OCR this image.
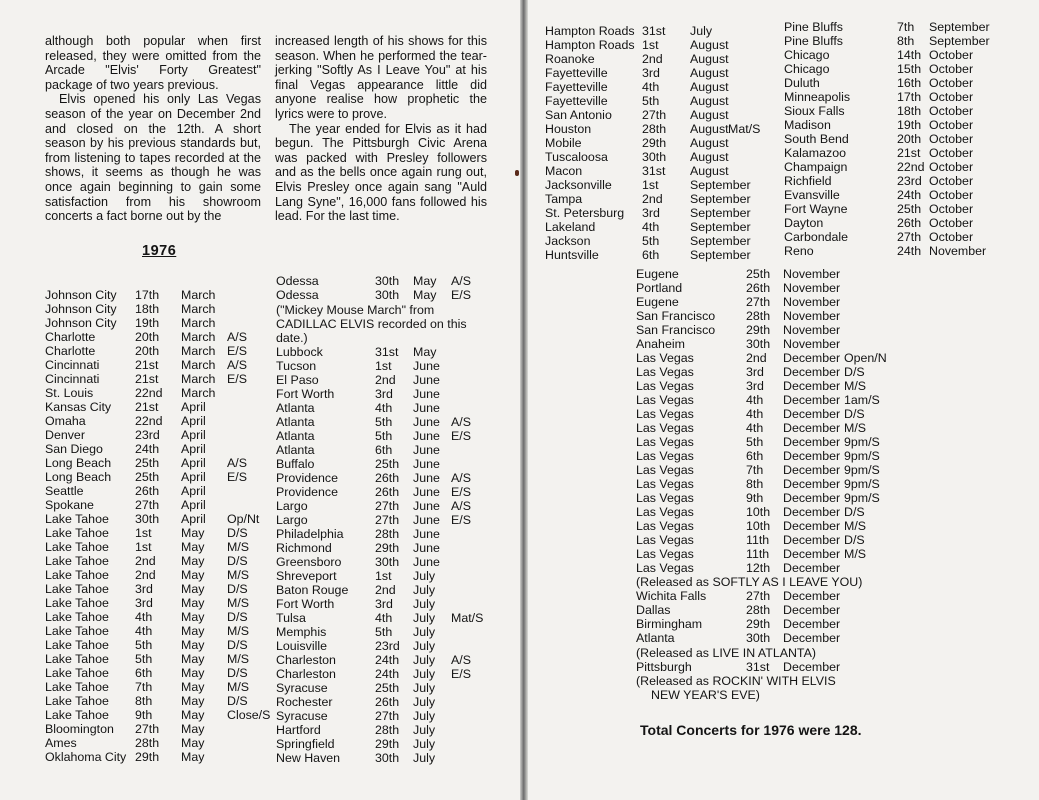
although both popular when first released, they were omitted from the Arcade "Elvis' Forty Greatest" package of two years previous.

Elvis opened his only Las Vegas season of the year on December 2nd and closed on the 12th. A short season by his previous standards but, from listening to tapes recorded at the shows, it seems as though he was once again beginning to gain some satisfaction from his showroom concerts a fact borne out by the

increased length of his shows for this season. When he performed the tear-jerking "Softly As I Leave You" at his final Vegas appearance little did anyone realise how prophetic the lyrics were to prove.

The year ended for Elvis as it had begun. The Pittsburgh Civic Arena was packed with Presley followers and as the bells once again rung out, Elvis Presley once again sang "Auld Lang Syne", 16,000 fans followed his lead. For the last time.

1976
Johnson City 17th March
Johnson City 18th March
Johnson City 19th March
Charlotte	20th March A/S
Charlotte	20th March E/S
Cincinnati	21st March A/S
Cincinnati	21st March E/S
St. Louis	22nd March
Kansas City 21st April
Omaha	22nd April
Denver	23rd April
San Diego	24th April
Long Beach 25th April A/S
Long Beach 25th April E/S
Seattle	26th April
Spokane	27th April
Lake Tahoe 30th April Op/Nt
Lake Tahoe 1st May D/S
Lake Tahoe 1st May M/S
Lake Tahoe 2nd May D/S
Lake Tahoe 2nd May M/S
Lake Tahoe 3rd May D/S
Lake Tahoe 3rd May M/S
Lake Tahoe 4th May D/S
Lake Tahoe 4th May M/S
Lake Tahoe 5th May D/S
Lake Tahoe 5th May M/S
Lake Tahoe 6th May D/S
Lake Tahoe 7th May M/S
Lake Tahoe 8th May D/S
Lake Tahoe 9th May Close/S
Bloomington 27th May
Ames	28th May
Oklahoma City 29th May
Odessa	30th May A/S
Odessa	30th May E/S
("Mickey Mouse March" from CADILLAC ELVIS recorded on this date.)
Lubbock	31st May
Tucson	1st June
El Paso	2nd June
Fort Worth	3rd June
Atlanta	4th June
Atlanta	5th June A/S
Atlanta	5th June E/S
Atlanta	6th June
Buffalo	25th June
Providence	26th June A/S
Providence	26th June E/S
Largo	27th June A/S
Largo	27th June E/S
Philadelphia	28th June
Richmond	29th June
Greensboro	30th June
Shreveport	1st July
Baton Rouge 2nd July
Fort Worth	3rd July
Tulsa	4th July Mat/S
Memphis	5th July
Louisville	23rd July
Charleston	24th July A/S
Charleston	24th July E/S
Syracuse	25th July
Rochester	26th July
Syracuse	27th July
Hartford	28th July
Springfield	29th July
New Haven	30th July
Hampton Roads 31st July
Hampton Roads 1st	August
Roanoke	2nd August
Fayetteville	3rd August
Fayetteville	4th August
Fayetteville	5th August
San Antonio 27th August
Houston	28th August Mat/S
Mobile	29th August
Tuscaloosa	30th August
Macon	31st August
Jacksonville 1st	September
Tampa	2nd September
St. Petersburg 3rd September
Lakeland	4th September
Jackson	5th September
Huntsville	6th September
Pine Bluffs	7th September
Pine Bluffs	8th September
Chicago	14th October
Chicago	15th October
Duluth	16th October
Minneapolis	17th October
Sioux Falls	18th October
Madison	19th October
South Bend	20th October
Kalamazoo	21st October
Champaign	22nd October
Richfield	23rd October
Evansville	24th October
Fort Wayne	25th October
Dayton	26th October
Carbondale	27th October
Reno	24th November
Eugene	25th November
Portland	26th November
Eugene	27th November
San Francisco 28th November
San Francisco 29th November
Anaheim	30th November
Las Vegas	2nd December Open/N
Las Vegas	3rd December D/S
Las Vegas	3rd December M/S
Las Vegas	4th December 1am/S
Las Vegas	4th December D/S
Las Vegas	4th December M/S
Las Vegas	5th December 9pm/S
Las Vegas	6th December 9pm/S
Las Vegas	7th December 9pm/S
Las Vegas	8th December 9pm/S
Las Vegas	9th December 9pm/S
Las Vegas	10th December D/S
Las Vegas	10th December M/S
Las Vegas	11th December D/S
Las Vegas	11th December M/S
Las Vegas	12th December
(Released as SOFTLY AS I LEAVE YOU)
Wichita Falls	27th December
Dallas	28th December
Birmingham	29th December
Atlanta	30th December
(Released as LIVE IN ATLANTA)
Pittsburgh	31st December
(Released as ROCKIN' WITH ELVIS
NEW YEAR'S EVE)
Total Concerts for 1976 were 128.
